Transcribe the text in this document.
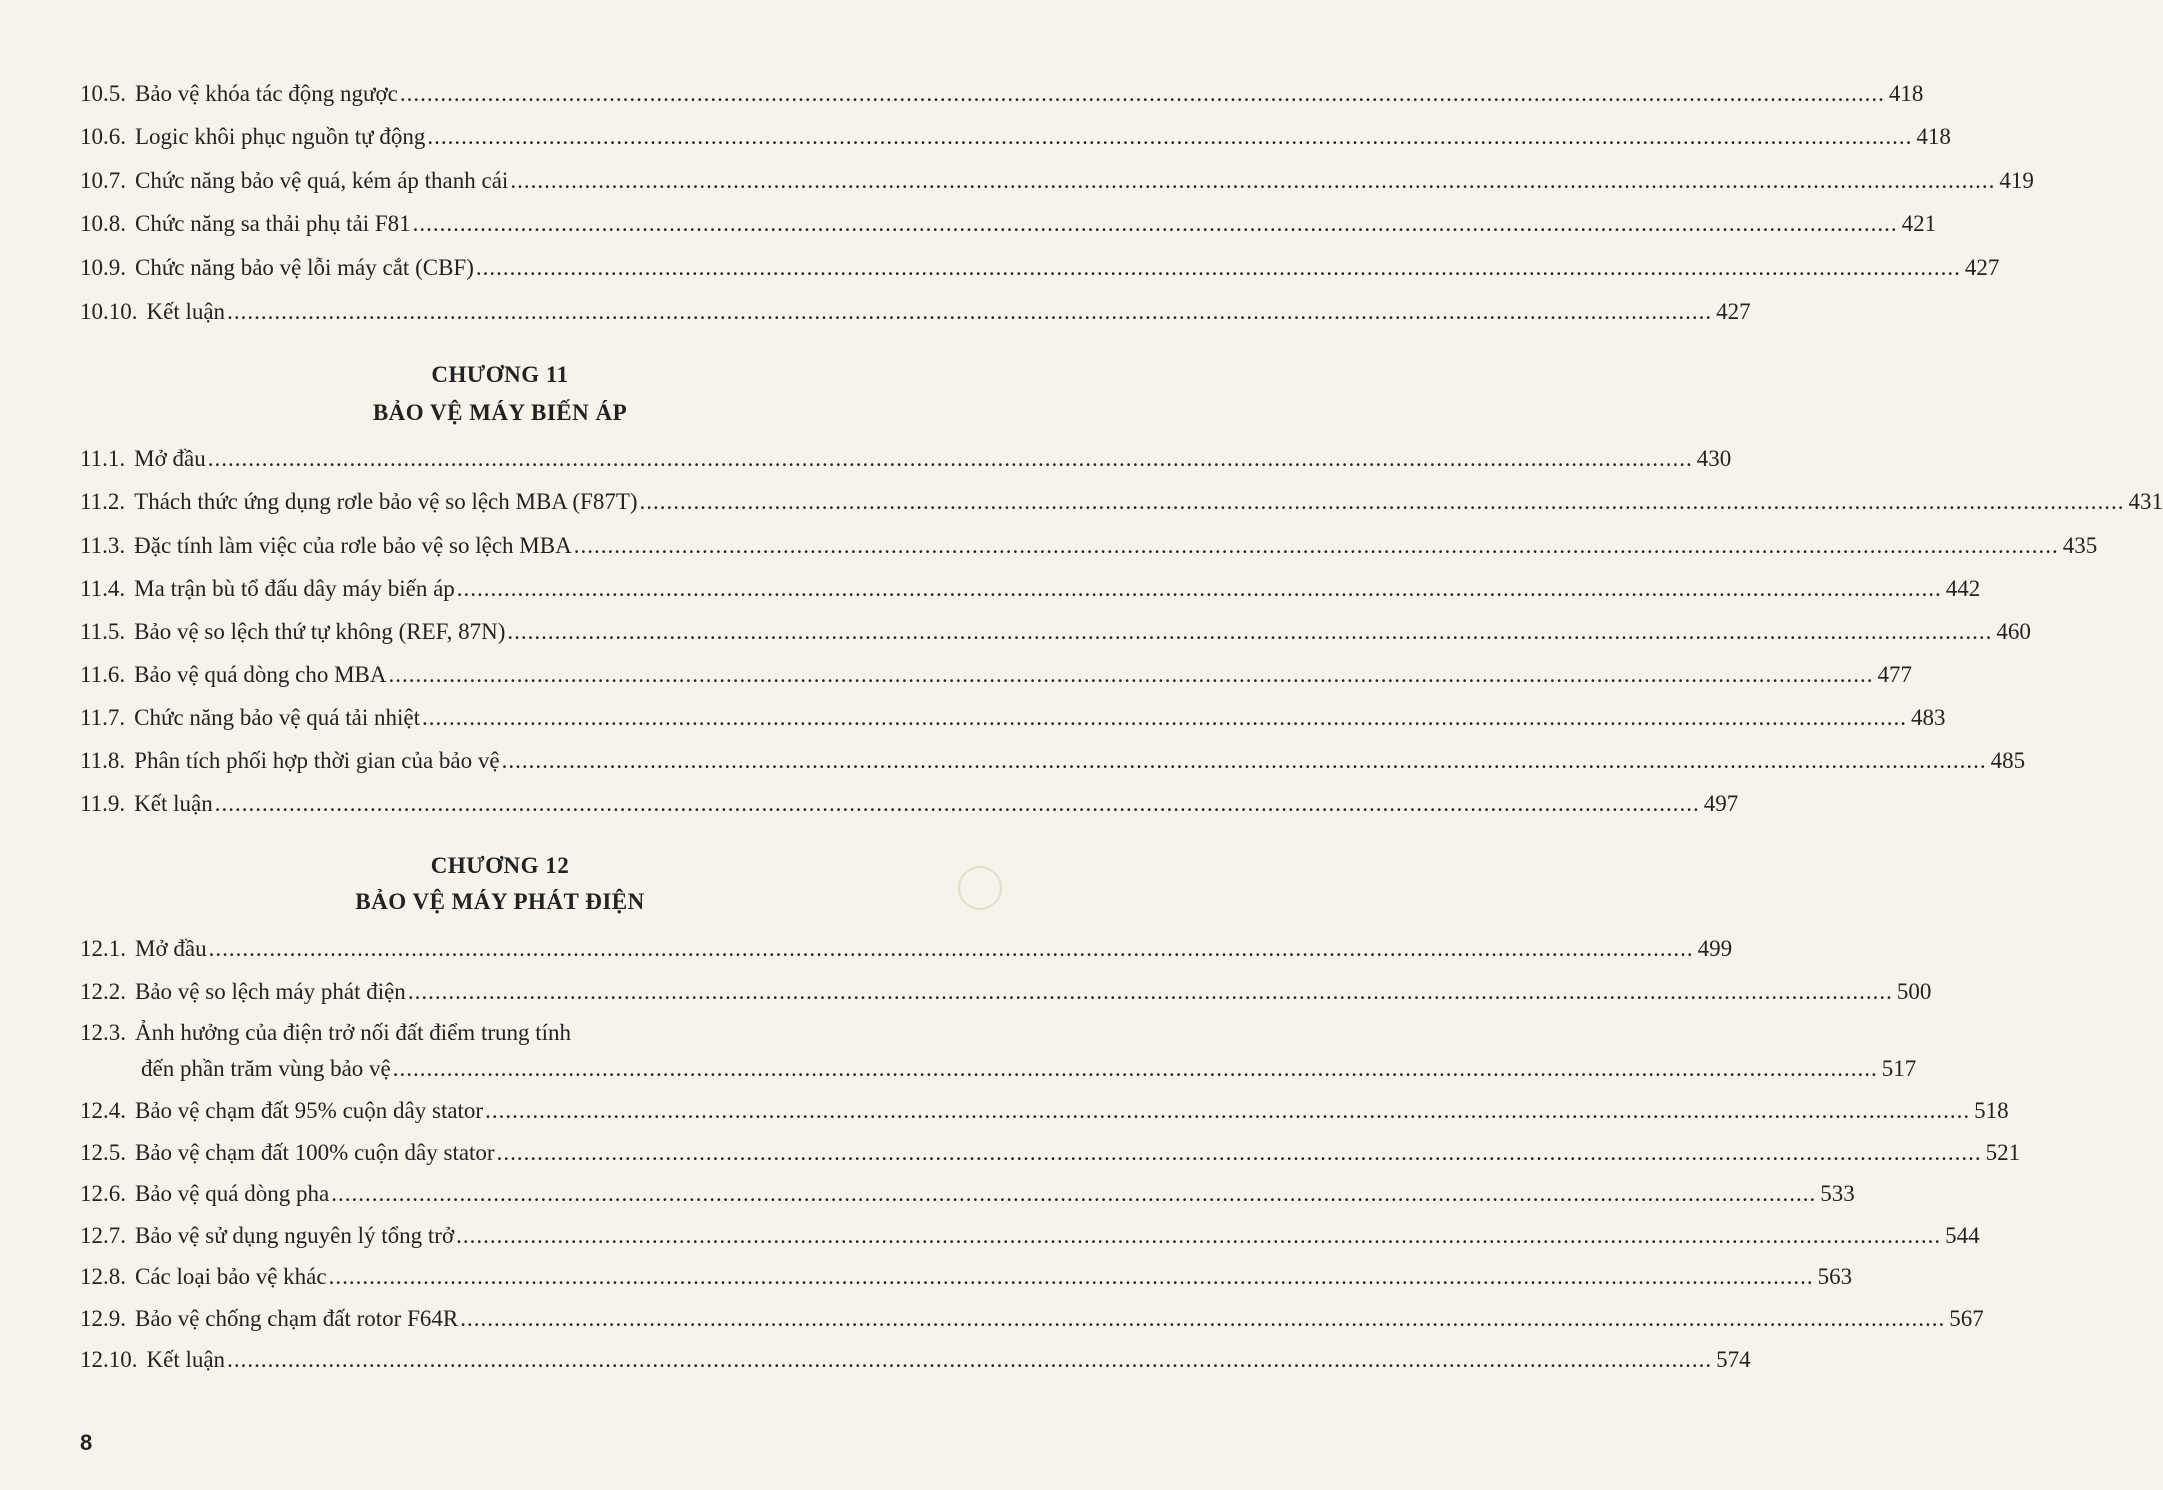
10.5. Bảo vệ khóa tác động ngược ............................................................................................................................................................................................................................ 418
10.6. Logic khôi phục nguồn tự động ............................................................................................................................................................................................................................ 418
10.7. Chức năng bảo vệ quá, kém áp thanh cái ............................................................................................................................................................................................................................ 419
10.8. Chức năng sa thải phụ tải F81 ............................................................................................................................................................................................................................ 421
10.9. Chức năng bảo vệ lỗi máy cắt (CBF) ............................................................................................................................................................................................................................ 427
10.10. Kết luận ............................................................................................................................................................................................................................ 427
CHƯƠNG 11
BẢO VỆ MÁY BIẾN ÁP
11.1. Mở đầu ............................................................................................................................................................................................................................ 430
11.2. Thách thức ứng dụng rơle bảo vệ so lệch MBA (F87T) ............................................................................................................................................................................................................................ 431
11.3. Đặc tính làm việc của rơle bảo vệ so lệch MBA ............................................................................................................................................................................................................................ 435
11.4. Ma trận bù tổ đấu dây máy biến áp ............................................................................................................................................................................................................................ 442
11.5. Bảo vệ so lệch thứ tự không (REF, 87N) ............................................................................................................................................................................................................................ 460
11.6. Bảo vệ quá dòng cho MBA ............................................................................................................................................................................................................................ 477
11.7. Chức năng bảo vệ quá tải nhiệt ............................................................................................................................................................................................................................ 483
11.8. Phân tích phối hợp thời gian của bảo vệ ............................................................................................................................................................................................................................ 485
11.9. Kết luận ............................................................................................................................................................................................................................ 497
CHƯƠNG 12
BẢO VỆ MÁY PHÁT ĐIỆN
12.1. Mở đầu ............................................................................................................................................................................................................................ 499
12.2. Bảo vệ so lệch máy phát điện ............................................................................................................................................................................................................................ 500
12.3. Ảnh hưởng của điện trở nối đất điểm trung tính
đến phần trăm vùng bảo vệ ............................................................................................................................................................................................................................ 517
12.4. Bảo vệ chạm đất 95% cuộn dây stator ............................................................................................................................................................................................................................ 518
12.5. Bảo vệ chạm đất 100% cuộn dây stator ............................................................................................................................................................................................................................ 521
12.6. Bảo vệ quá dòng pha ............................................................................................................................................................................................................................ 533
12.7. Bảo vệ sử dụng nguyên lý tổng trở ............................................................................................................................................................................................................................ 544
12.8. Các loại bảo vệ khác ............................................................................................................................................................................................................................ 563
12.9. Bảo vệ chống chạm đất rotor F64R ............................................................................................................................................................................................................................ 567
12.10. Kết luận ............................................................................................................................................................................................................................ 574
8
